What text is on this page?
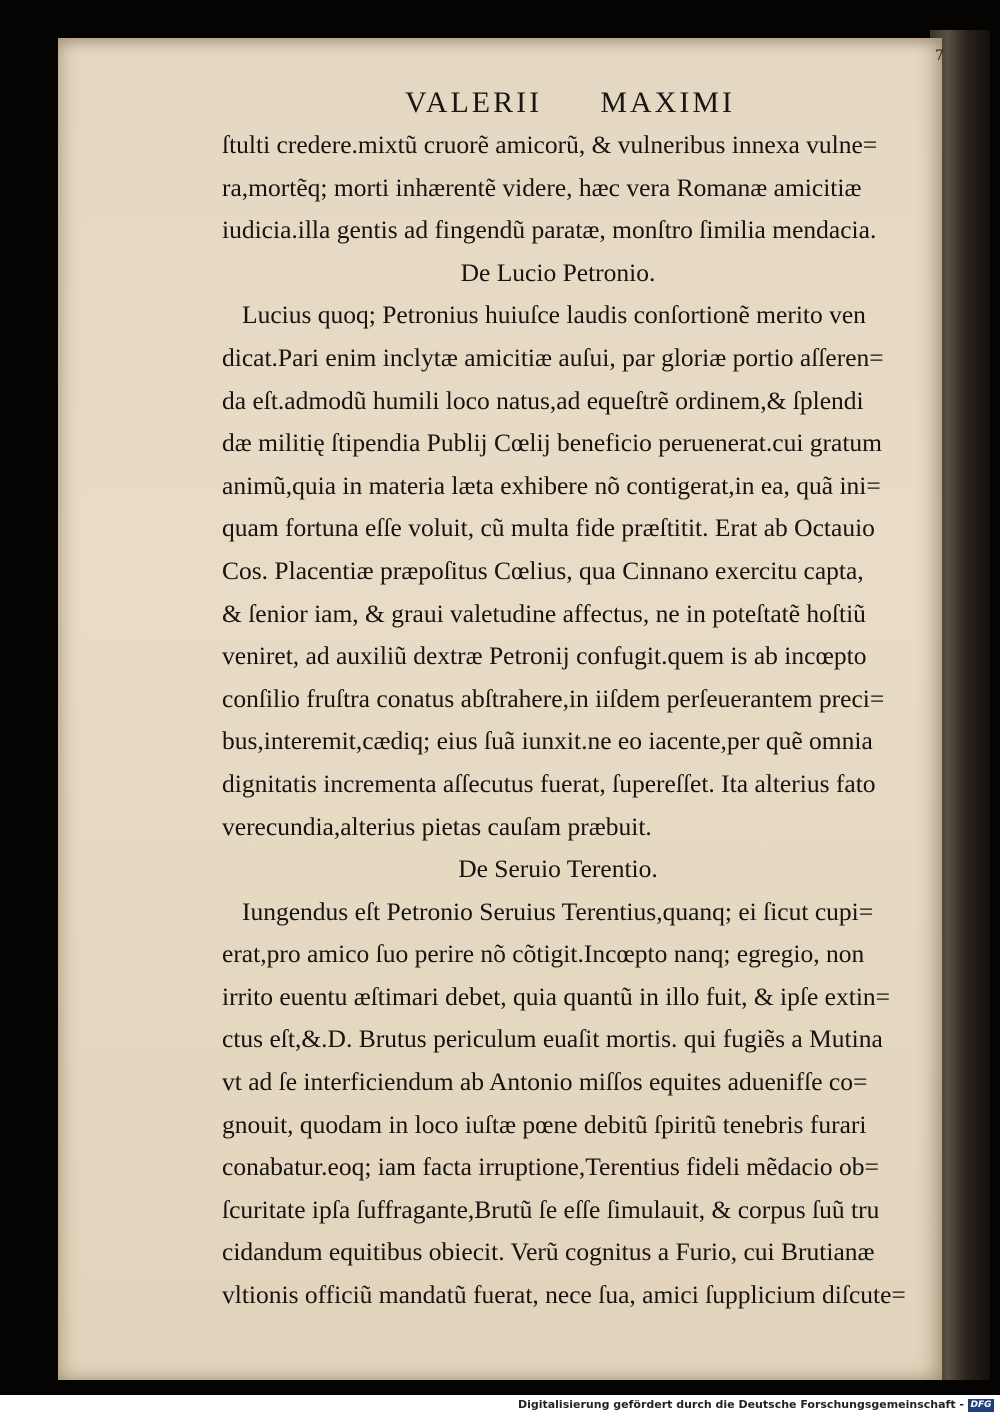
7
VALERII MAXIMI
ſtulti credere.mixtũ cruorẽ amicorũ, & vulneribus innexa vulne=
ra,mortẽq; morti inhærentẽ videre, hæc vera Romanæ amicitiæ
iudicia.illa gentis ad fingendũ paratæ, monſtro ſimilia mendacia.
De Lucio Petronio.
Lucius quoq; Petronius huiuſce laudis conſortionẽ merito ven
dicat.Pari enim inclytæ amicitiæ auſui, par gloriæ portio aſſeren=
da eſt.admodũ humili loco natus,ad equeſtrẽ ordinem,& ſplendi
dæ militię ſtipendia Publij Cœlij beneficio peruenerat.cui gratum
animũ,quia in materia læta exhibere nõ contigerat,in ea, quã ini=
quam fortuna eſſe voluit, cũ multa fide præſtitit. Erat ab Octauio
Cos. Placentiæ præpoſitus Cœlius, qua Cinnano exercitu capta,
& ſenior iam, & graui valetudine affectus, ne in poteſtatẽ hoſtiũ
veniret, ad auxiliũ dextræ Petronij confugit.quem is ab incœpto
conſilio fruſtra conatus abſtrahere,in iiſdem perſeuerantem preci=
bus,interemit,cædiq; eius ſuã iunxit.ne eo iacente,per quẽ omnia
dignitatis incrementa aſſecutus fuerat, ſupereſſet. Ita alterius fato
verecundia,alterius pietas cauſam præbuit.
De Seruio Terentio.
Iungendus eſt Petronio Seruius Terentius,quanq; ei ſicut cupi=
erat,pro amico ſuo perire nõ cõtigit.Incœpto nanq; egregio, non
irrito euentu æſtimari debet, quia quantũ in illo fuit, & ipſe extin=
ctus eſt,&.D. Brutus periculum euaſit mortis. qui fugiẽs a Mutina
vt ad ſe interficiendum ab Antonio miſſos equites aduenifſe co=
gnouit, quodam in loco iuſtæ pœne debitũ ſpiritũ tenebris furari
conabatur.eoq; iam facta irruptione,Terentius fideli mẽdacio ob=
ſcuritate ipſa ſuffragante,Brutũ ſe eſſe ſimulauit, & corpus ſuũ tru
cidandum equitibus obiecit. Verũ cognitus a Furio, cui Brutianæ
vltionis officiũ mandatũ fuerat, nece ſua, amici ſupplicium diſcute=
Digitalisierung gefördert durch die Deutsche Forschungsgemeinschaft - DFG
